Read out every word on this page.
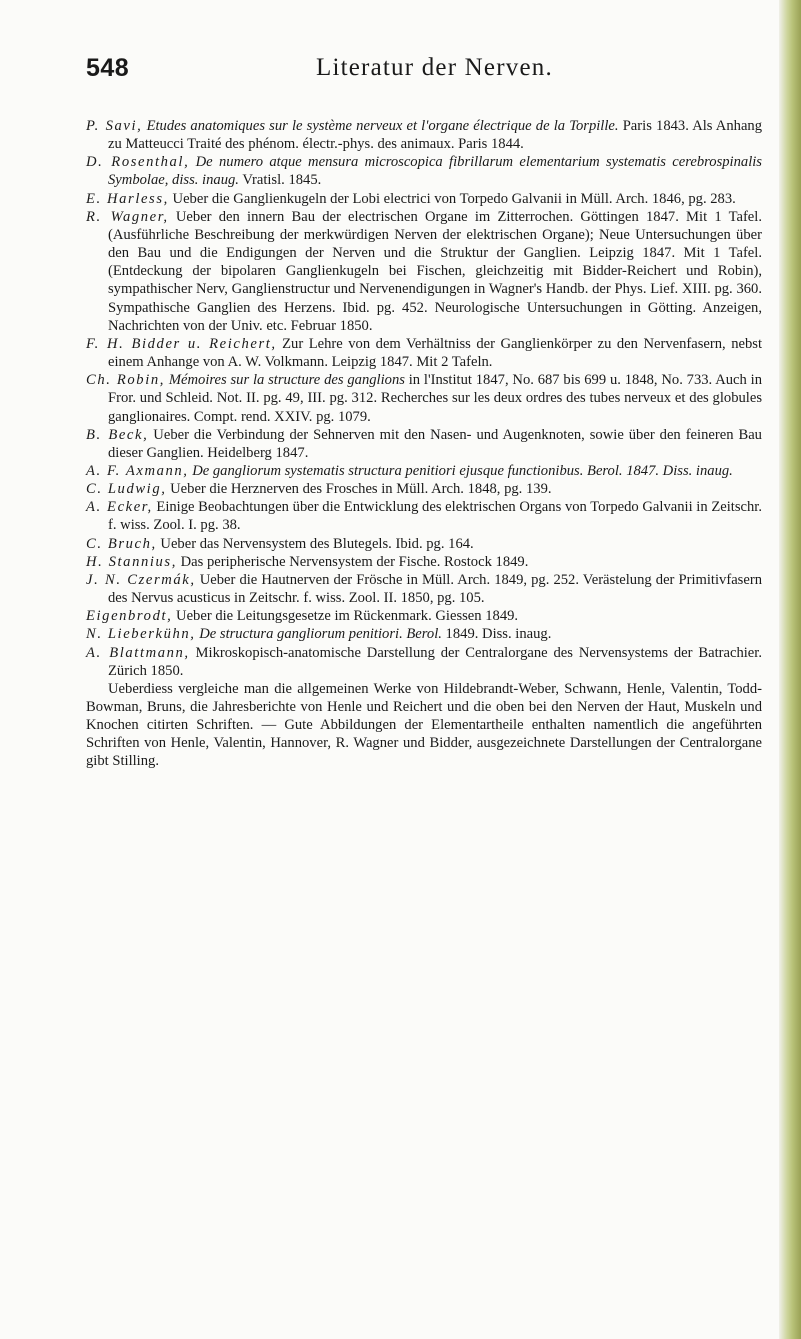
548	Literatur der Nerven.

P. Savi, Etudes anatomiques sur le système nerveux et l'organe électrique de la Torpille. Paris 1843. Als Anhang zu Matteucci Traité des phénom. électr.-phys. des animaux. Paris 1844.

D. Rosenthal, De numero atque mensura microscopica fibrillarum elementarium systematis cerebrospinalis Symbolae, diss. inaug. Vratisl. 1845.

E. Harless, Ueber die Ganglienkugeln der Lobi electrici von Torpedo Galvanii in Müll. Arch. 1846, pg. 283.

R. Wagner, Ueber den innern Bau der electrischen Organe im Zitterrochen. Göttingen 1847. Mit 1 Tafel. (Ausführliche Beschreibung der merkwürdigen Nerven der elektrischen Organe); Neue Untersuchungen über den Bau und die Endigungen der Nerven und die Struktur der Ganglien. Leipzig 1847. Mit 1 Tafel. (Entdeckung der bipolaren Ganglienkugeln bei Fischen, gleichzeitig mit Bidder-Reichert und Robin), sympathischer Nerv, Ganglienstructur und Nervenendigungen in Wagner's Handb. der Phys. Lief. XIII. pg. 360. Sympathische Ganglien des Herzens. Ibid. pg. 452. Neurologische Untersuchungen in Götting. Anzeigen, Nachrichten von der Univ. etc. Februar 1850.

F. H. Bidder u. Reichert, Zur Lehre von dem Verhältniss der Ganglienkörper zu den Nervenfasern, nebst einem Anhange von A. W. Volkmann. Leipzig 1847. Mit 2 Tafeln.

Ch. Robin, Mémoires sur la structure des ganglions in l'Institut 1847, No. 687 bis 699 u. 1848, No. 733. Auch in Fror. und Schleid. Not. II. pg. 49, III. pg. 312. Recherches sur les deux ordres des tubes nerveux et des globules ganglionaires. Compt. rend. XXIV. pg. 1079.

B. Beck, Ueber die Verbindung der Sehnerven mit den Nasen- und Augenknoten, sowie über den feineren Bau dieser Ganglien. Heidelberg 1847.

A. F. Axmann, De gangliorum systematis structura penitiori ejusque functionibus. Berol. 1847. Diss. inaug.

C. Ludwig, Ueber die Herznerven des Frosches in Müll. Arch. 1848, pg. 139.

A. Ecker, Einige Beobachtungen über die Entwicklung des elektrischen Organs von Torpedo Galvanii in Zeitschr. f. wiss. Zool. I. pg. 38.

C. Bruch, Ueber das Nervensystem des Blutegels. Ibid. pg. 164.

H. Stannius, Das peripherische Nervensystem der Fische. Rostock 1849.

J. N. Czermák, Ueber die Hautnerven der Frösche in Müll. Arch. 1849, pg. 252. Verästelung der Primitivfasern des Nervus acusticus in Zeitschr. f. wiss. Zool. II. 1850, pg. 105.

Eigenbrodt, Ueber die Leitungsgesetze im Rückenmark. Giessen 1849.

N. Lieberkühn, De structura gangliorum penitiori. Berol. 1849. Diss. inaug.

A. Blattmann, Mikroskopisch-anatomische Darstellung der Centralorgane des Nervensystems der Batrachier. Zürich 1850.

Ueberdiess vergleiche man die allgemeinen Werke von Hildebrandt-Weber, Schwann, Henle, Valentin, Todd-Bowman, Bruns, die Jahresberichte von Henle und Reichert und die oben bei den Nerven der Haut, Muskeln und Knochen citirten Schriften. — Gute Abbildungen der Elementartheile enthalten namentlich die angeführten Schriften von Henle, Valentin, Hannover, R. Wagner und Bidder, ausgezeichnete Darstellungen der Centralorgane gibt Stilling.
